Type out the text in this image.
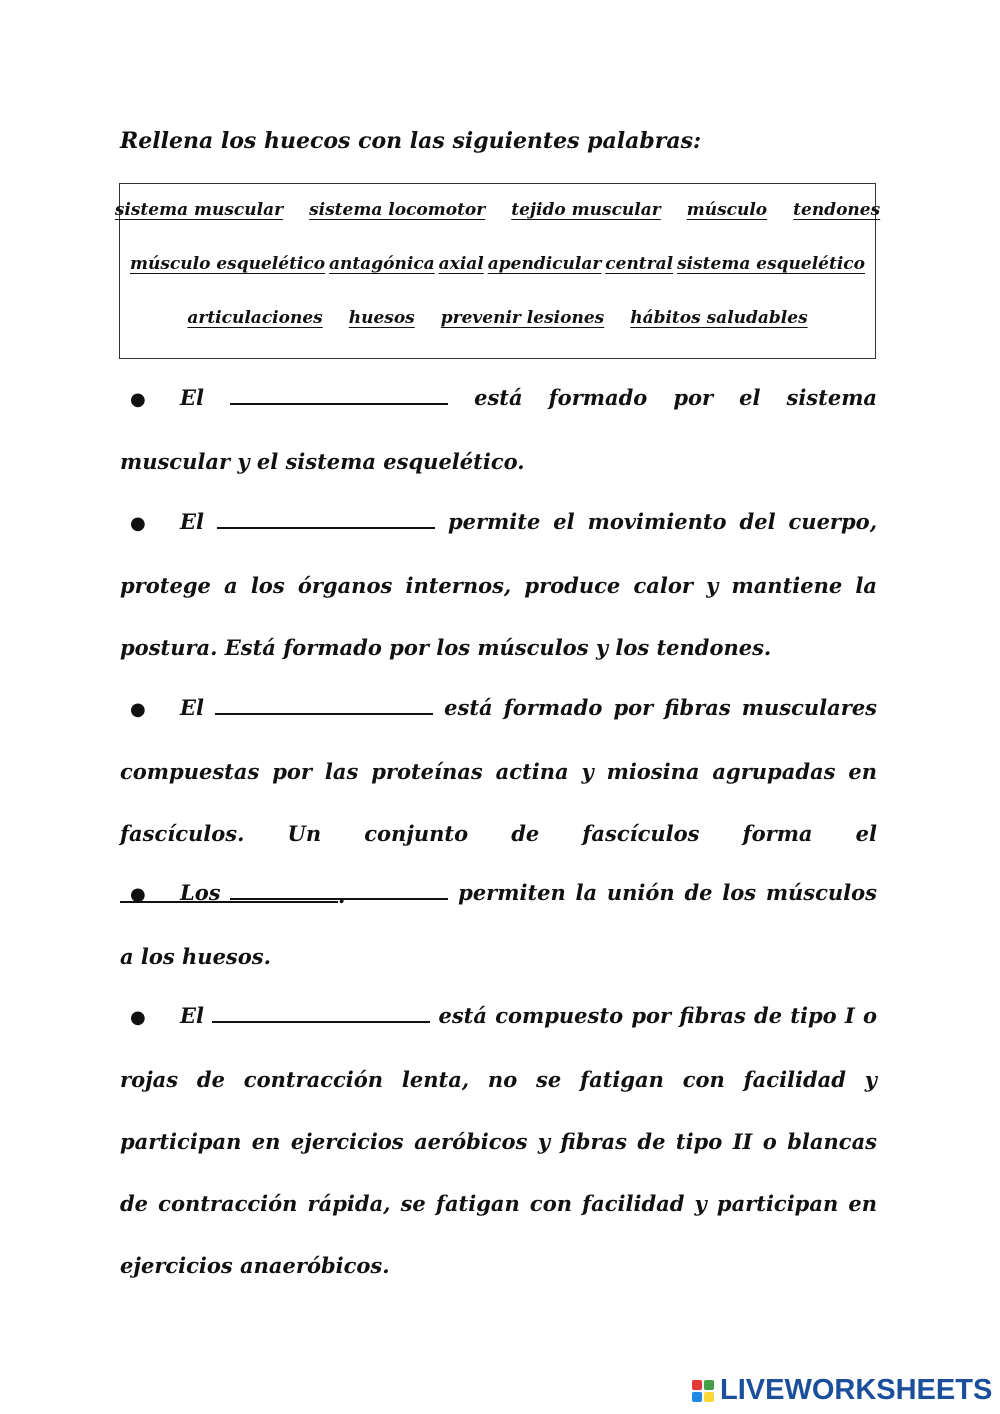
Rellena los huecos con las siguientes palabras:
sistema muscular sistema locomotor tejido muscular músculo tendones
músculo esquelético antagónica axial apendicular central sistema esquelético
articulaciones huesos prevenir lesiones hábitos saludables
● El	está formado por el sistema muscular y el sistema esquelético.
● El	permite el movimiento del cuerpo, protege a los órganos internos, produce calor y mantiene la postura. Está formado por los músculos y los tendones.
● El	está formado por fibras musculares compuestas por las proteínas actina y miosina agrupadas en fascículos. Un conjunto de fascículos forma el .
● Los	permiten la unión de los músculos a los huesos.
● El	está compuesto por fibras de tipo I o rojas de contracción lenta, no se fatigan con facilidad y participan en ejercicios aeróbicos y fibras de tipo II o blancas de contracción rápida, se fatigan con facilidad y participan en ejercicios anaeróbicos.
LIVEWORKSHEETS
